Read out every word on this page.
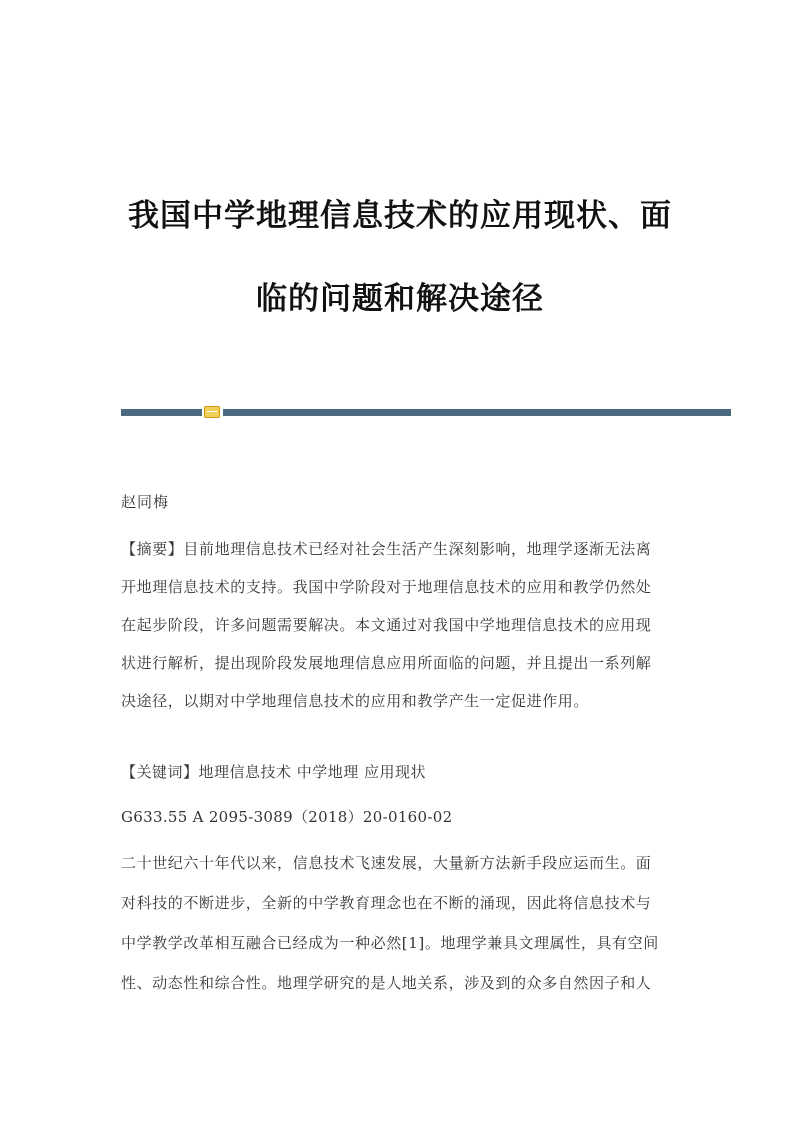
我国中学地理信息技术的应用现状、面
临的问题和解决途径
赵同梅
【摘要】目前地理信息技术已经对社会生活产生深刻影响，地理学逐渐无法离
开地理信息技术的支持。我国中学阶段对于地理信息技术的应用和教学仍然处
在起步阶段，许多问题需要解决。本文通过对我国中学地理信息技术的应用现
状进行解析，提出现阶段发展地理信息应用所面临的问题，并且提出一系列解
决途径，以期对中学地理信息技术的应用和教学产生一定促进作用。
【关键词】地理信息技术 中学地理 应用现状
G633.55 A 2095-3089（2018）20-0160-02
二十世纪六十年代以来，信息技术飞速发展，大量新方法新手段应运而生。面
对科技的不断进步，全新的中学教育理念也在不断的涌现，因此将信息技术与
中学教学改革相互融合已经成为一种必然[1]。地理学兼具文理属性，具有空间
性、动态性和综合性。地理学研究的是人地关系，涉及到的众多自然因子和人
